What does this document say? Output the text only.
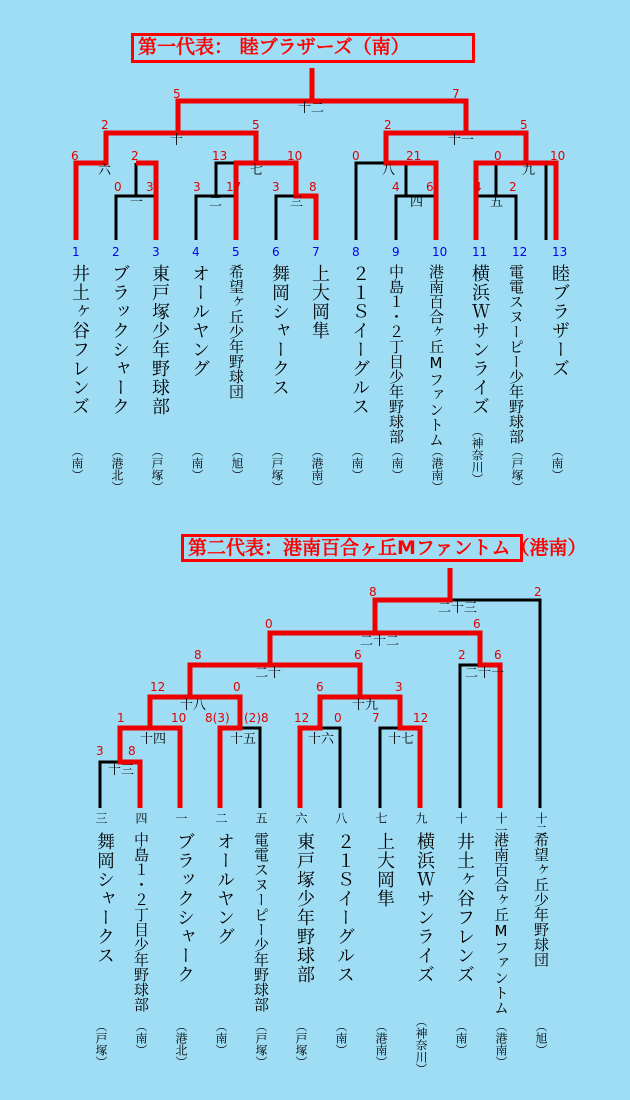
第一代表： 睦ブラザーズ（南）
第二代表：港南百合ヶ丘Mファントム（港南）
一	二	三	四	五
六	七	八	九
十	十一
十二
6	2
0 3	3 17	3 8
0	21
4 6
0	10
4 2
2	5
13	10
2	5
5	7
1
井土ヶ谷フレンズ
（南）
2
ブラックシャーク
（港北）
3
東戸塚少年野球部
（戸塚）
4
オールヤング
（南）
5
希望ヶ丘少年野球団
（旭）
6
舞岡シャークス
（戸塚）
7
上大岡隼
（港南）
8
２１Ｓイーグルス
（南）
9
中島１・２丁目少年野球部
（南）
10
港南百合ヶ丘Mファントム
（港南）
11
横浜Ｗサンライズ
（神奈川）
12
電電スヌーピー少年野球部
（戸塚）
13
睦ブラザーズ
（南）
十三
十四	十五	十六	十七
十八	十九
二十	二十一
二十二
二十三
3 8
1	10 8(3) (2)8 12 0	7	12
12	0	6	3
8	6	2 6
0	6
8	2
三
舞岡シャークス
（戸塚）
四
中島１・２丁目少年野球部
（南）
一
ブラックシャーク
（港北）
二
オールヤング
（南）
五
電電スヌーピー少年野球部
（戸塚）
六
東戸塚少年野球部
（戸塚）
八
２１Ｓイーグルス
（南）
七
上大岡隼
（港南）
九
横浜Ｗサンライズ
（神奈川）
十
井土ヶ谷フレンズ
（南）
十一
港南百合ヶ丘Mファントム
（港南）
十二
希望ヶ丘少年野球団
（旭）
